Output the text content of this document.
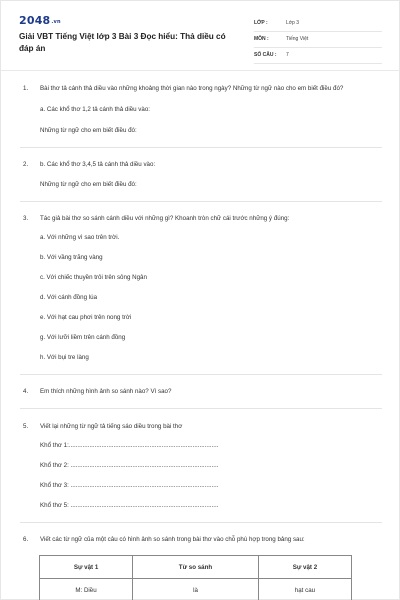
2048.vn
Giải VBT Tiếng Việt lớp 3 Bài 3 Đọc hiểu: Thả diều có đáp án
LỚP :	Lớp 3
MÔN :	Tiếng Việt
SỐ CÂU : 7
1. Bài thơ tả cánh thả diều vào những khoảng thời gian nào trong ngày? Những từ ngữ nào cho em biết điều đó?
a. Các khổ thơ 1,2 tả cánh thả diều vào:
Những từ ngữ cho em biết điều đó:
2. b. Các khổ thơ 3,4,5 tả cánh thả diều vào:
Những từ ngữ cho em biết điều đó:
3. Tác giả bài thơ so sánh cánh diều với những gì? Khoanh tròn chữ cái trước những ý đúng:
a. Với những vì sao trên trời.
b. Với vầng trăng vàng
c. Với chiếc thuyền trôi trên sông Ngân
d. Với cánh đồng lúa
e. Với hạt cau phơi trên nong trời
g. Với lưỡi liềm trên cánh đồng
h. Với bụi tre làng
4. Em thích những hình ảnh so sánh nào? Vì sao?
5. Viết lại những từ ngữ tả tiếng sáo diều trong bài thơ
Khổ thơ 1:.......................................................................................
Khổ thơ 2: ......................................................................................
Khổ thơ 3: ......................................................................................
Khổ thơ 5: ......................................................................................
6. Viết các từ ngữ của một câu có hình ảnh so sánh trong bài thơ vào chỗ phù hợp trong bảng sau:
Sự vật 1	Từ so sánh	Sự vật 2
M: Diều	là	hạt cau
